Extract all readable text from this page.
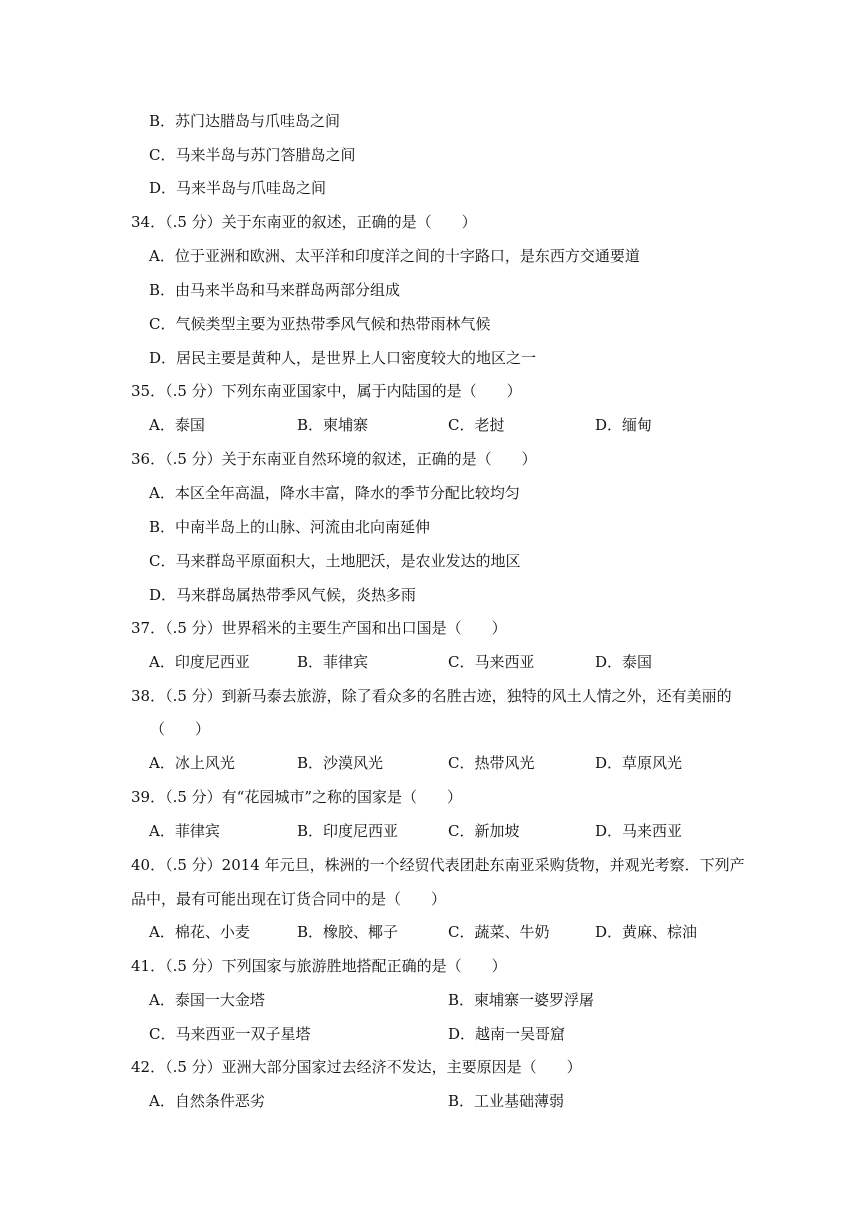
B．苏门达腊岛与爪哇岛之间
C．马来半岛与苏门答腊岛之间
D．马来半岛与爪哇岛之间
34．（.5 分）关于东南亚的叙述，正确的是（　　）
A．位于亚洲和欧洲、太平洋和印度洋之间的十字路口，是东西方交通要道
B．由马来半岛和马来群岛两部分组成
C．气候类型主要为亚热带季风气候和热带雨林气候
D．居民主要是黄种人，是世界上人口密度较大的地区之一
35．（.5 分）下列东南亚国家中，属于内陆国的是（　　）
A．泰国	B．柬埔寨	C．老挝	D．缅甸
36．（.5 分）关于东南亚自然环境的叙述，正确的是（　　）
A．本区全年高温，降水丰富，降水的季节分配比较均匀
B．中南半岛上的山脉、河流由北向南延伸
C．马来群岛平原面积大，土地肥沃，是农业发达的地区
D．马来群岛属热带季风气候，炎热多雨
37．（.5 分）世界稻米的主要生产国和出口国是（　　）
A．印度尼西亚	B．菲律宾	C．马来西亚	D．泰国
38．（.5 分）到新马泰去旅游，除了看众多的名胜古迹，独特的风土人情之外，还有美丽的
（　　）
A．冰上风光	B．沙漠风光	C．热带风光	D．草原风光
39．（.5 分）有“花园城市”之称的国家是（　　）
A．菲律宾	B．印度尼西亚	C．新加坡	D．马来西亚
40．（.5 分）2014 年元旦，株洲的一个经贸代表团赴东南亚采购货物，并观光考察．下列产
品中，最有可能出现在订货合同中的是（　　）
A．棉花、小麦	B．橡胶、椰子	C．蔬菜、牛奶	D．黄麻、棕油
41．（.5 分）下列国家与旅游胜地搭配正确的是（　　）
A．泰国一大金塔	B．柬埔寨一婆罗浮屠
C．马来西亚一双子星塔	D．越南一吴哥窟
42．（.5 分）亚洲大部分国家过去经济不发达，主要原因是（　　）
A．自然条件恶劣	B．工业基础薄弱
